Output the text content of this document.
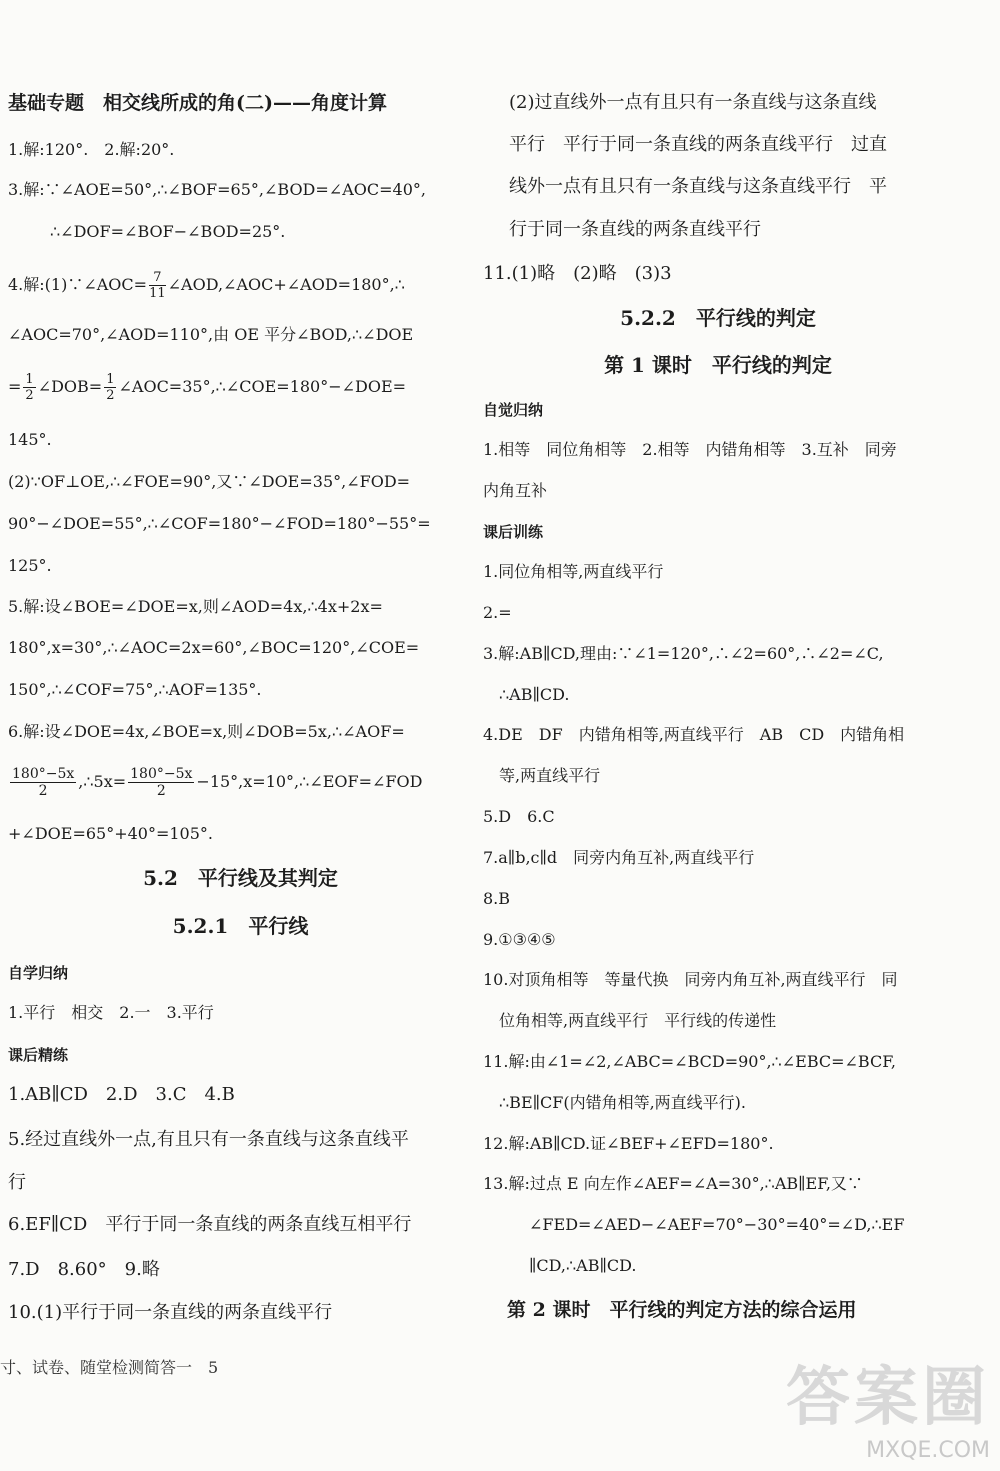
基础专题　相交线所成的角(二)——角度计算
1.解:120°.　2.解:20°.
3.解:∵∠AOE=50°,∴∠BOF=65°,∠BOD=∠AOC=40°,
∴∠DOF=∠BOF−∠BOD=25°.
4.解:(1)∵∠AOC= $\frac{7}{11}$ ∠AOD,∠AOC+∠AOD=180°,∴
∠AOC=70°,∠AOD=110°,由 OE 平分∠BOD,∴∠DOE
= $\frac{1}{2}$ ∠DOB= $\frac{1}{2}$ ∠AOC=35°,∴∠COE=180°−∠DOE=
145°.
(2)∵OF⊥OE,∴∠FOE=90°,又∵∠DOE=35°,∠FOD=
90°−∠DOE=55°,∴∠COF=180°−∠FOD=180°−55°=
125°.
5.解:设∠BOE=∠DOE=x,则∠AOD=4x,∴4x+2x=
180°,x=30°,∴∠AOC=2x=60°,∠BOC=120°,∠COE=
150°,∴∠COF=75°,∴AOF=135°.
6.解:设∠DOE=4x,∠BOE=x,则∠DOB=5x,∴∠AOF=
$\frac{180^\circ-5x}{2}$ ,∴5x= $\frac{180^\circ-5x}{2}$ −15°,x=10°,∴∠EOF=∠FOD
+∠DOE=65°+40°=105°.
5.2　平行线及其判定
5.2.1　平行线
自学归纳
1.平行　相交　2.一　3.平行
课后精练
1.AB∥CD　2.D　3.C　4.B
5.经过直线外一点,有且只有一条直线与这条直线平
行
6.EF∥CD　平行于同一条直线的两条直线互相平行
7.D　8.60°　9.略
10.(1)平行于同一条直线的两条直线平行
(2)过直线外一点有且只有一条直线与这条直线
平行　平行于同一条直线的两条直线平行　过直
线外一点有且只有一条直线与这条直线平行　平
行于同一条直线的两条直线平行
11.(1)略　(2)略　(3)3
5.2.2　平行线的判定
第 1 课时　平行线的判定
自觉归纳
1.相等　同位角相等　2.相等　内错角相等　3.互补　同旁
内角互补
课后训练
1.同位角相等,两直线平行
2.=
3.解:AB∥CD,理由:∵∠1=120°,∴∠2=60°,∴∠2=∠C,
∴AB∥CD.
4.DE　DF　内错角相等,两直线平行　AB　CD　内错角相
等,两直线平行
5.D　6.C
7.a∥b,c∥d　同旁内角互补,两直线平行
8.B
9.①③④⑤
10.对顶角相等　等量代换　同旁内角互补,两直线平行　同
位角相等,两直线平行　平行线的传递性
11.解:由∠1=∠2,∠ABC=∠BCD=90°,∴∠EBC=∠BCF,
∴BE∥CF(内错角相等,两直线平行).
12.解:AB∥CD.证∠BEF+∠EFD=180°.
13.解:过点 E 向左作∠AEF=∠A=30°,∴AB∥EF,又∵
∠FED=∠AED−∠AEF=70°−30°=40°=∠D,∴EF
∥CD,∴AB∥CD.
第 2 课时　平行线的判定方法的综合运用
寸、试卷、随堂检测简答一　5	答案圈
MXQE.COM
